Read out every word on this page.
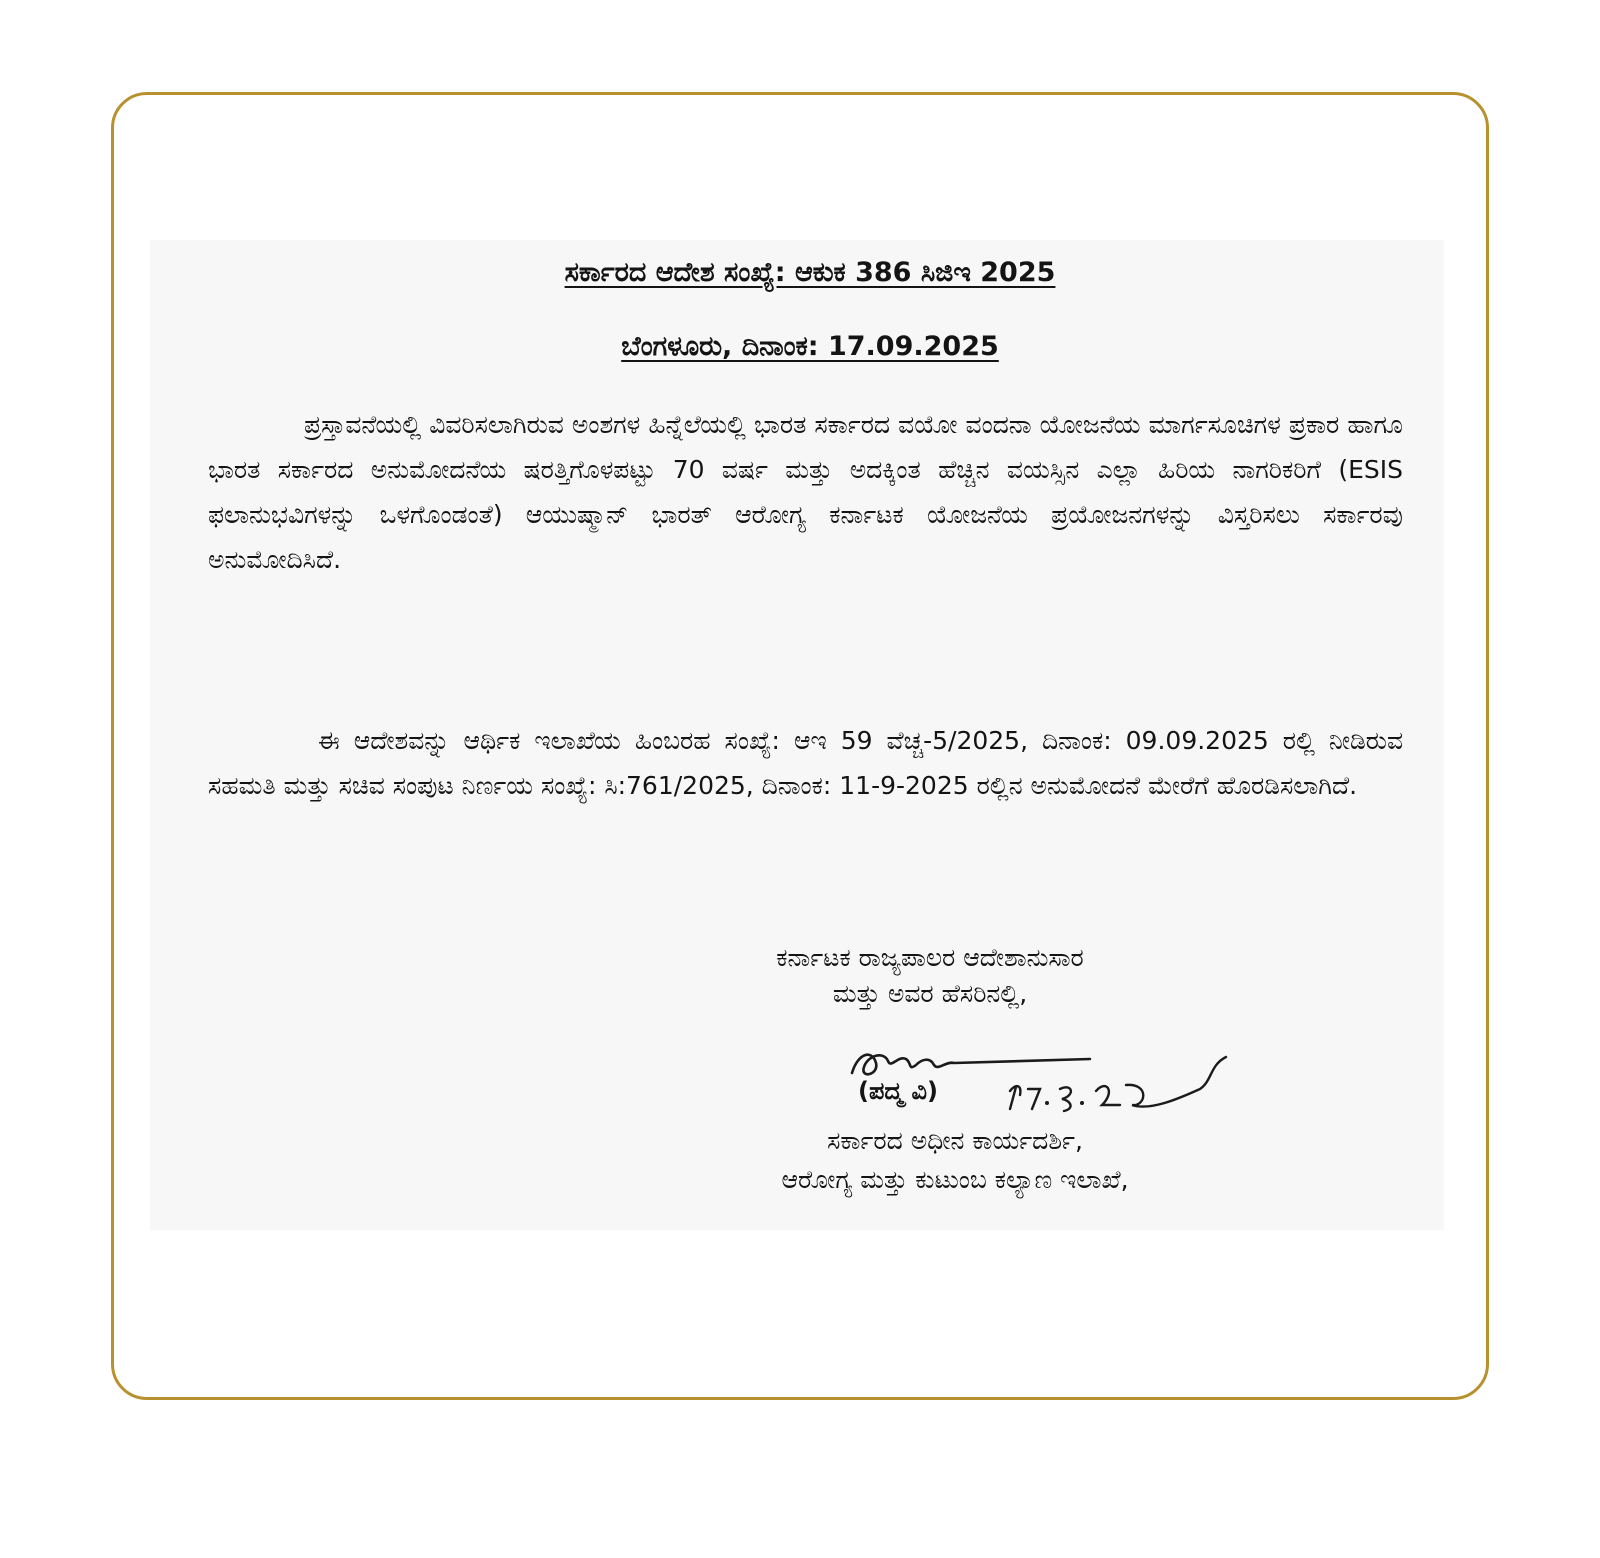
ಸರ್ಕಾರದ ಆದೇಶ ಸಂಖ್ಯೆ: ಆಕುಕ 386 ಸಿಜಿಇ 2025
ಬೆಂಗಳೂರು, ದಿನಾಂಕ: 17.09.2025

ಪ್ರಸ್ತಾವನೆಯಲ್ಲಿ ವಿವರಿಸಲಾಗಿರುವ ಅಂಶಗಳ ಹಿನ್ನೆಲೆಯಲ್ಲಿ ಭಾರತ ಸರ್ಕಾರದ ವಯೋ ವಂದನಾ ಯೋಜನೆಯ ಮಾರ್ಗಸೂಚಿಗಳ ಪ್ರಕಾರ ಹಾಗೂ ಭಾರತ ಸರ್ಕಾರದ ಅನುಮೋದನೆಯ ಷರತ್ತಿಗೊಳಪಟ್ಟು 70 ವರ್ಷ ಮತ್ತು ಅದಕ್ಕಿಂತ ಹೆಚ್ಚಿನ ವಯಸ್ಸಿನ ಎಲ್ಲಾ ಹಿರಿಯ ನಾಗರಿಕರಿಗೆ (ESIS ಫಲಾನುಭವಿಗಳನ್ನು ಒಳಗೊಂಡಂತೆ) ಆಯುಷ್ಮಾನ್ ಭಾರತ್ ಆರೋಗ್ಯ ಕರ್ನಾಟಕ ಯೋಜನೆಯ ಪ್ರಯೋಜನಗಳನ್ನು ವಿಸ್ತರಿಸಲು ಸರ್ಕಾರವು ಅನುಮೋದಿಸಿದೆ.

ಈ ಆದೇಶವನ್ನು ಆರ್ಥಿಕ ಇಲಾಖೆಯ ಹಿಂಬರಹ ಸಂಖ್ಯೆ: ಆಇ 59 ವೆಚ್ಚ-5/2025, ದಿನಾಂಕ: 09.09.2025 ರಲ್ಲಿ ನೀಡಿರುವ ಸಹಮತಿ ಮತ್ತು ಸಚಿವ ಸಂಪುಟ ನಿರ್ಣಯ ಸಂಖ್ಯೆ: ಸಿ:761/2025, ದಿನಾಂಕ: 11-9-2025 ರಲ್ಲಿನ ಅನುಮೋದನೆ ಮೇರೆಗೆ ಹೊರಡಿಸಲಾಗಿದೆ.

ಕರ್ನಾಟಕ ರಾಜ್ಯಪಾಲರ ಆದೇಶಾನುಸಾರ
ಮತ್ತು ಅವರ ಹೆಸರಿನಲ್ಲಿ,
(ಪದ್ಮ ವಿ)
ಸರ್ಕಾರದ ಅಧೀನ ಕಾರ್ಯದರ್ಶಿ,
ಆರೋಗ್ಯ ಮತ್ತು ಕುಟುಂಬ ಕಲ್ಯಾಣ ಇಲಾಖೆ,
